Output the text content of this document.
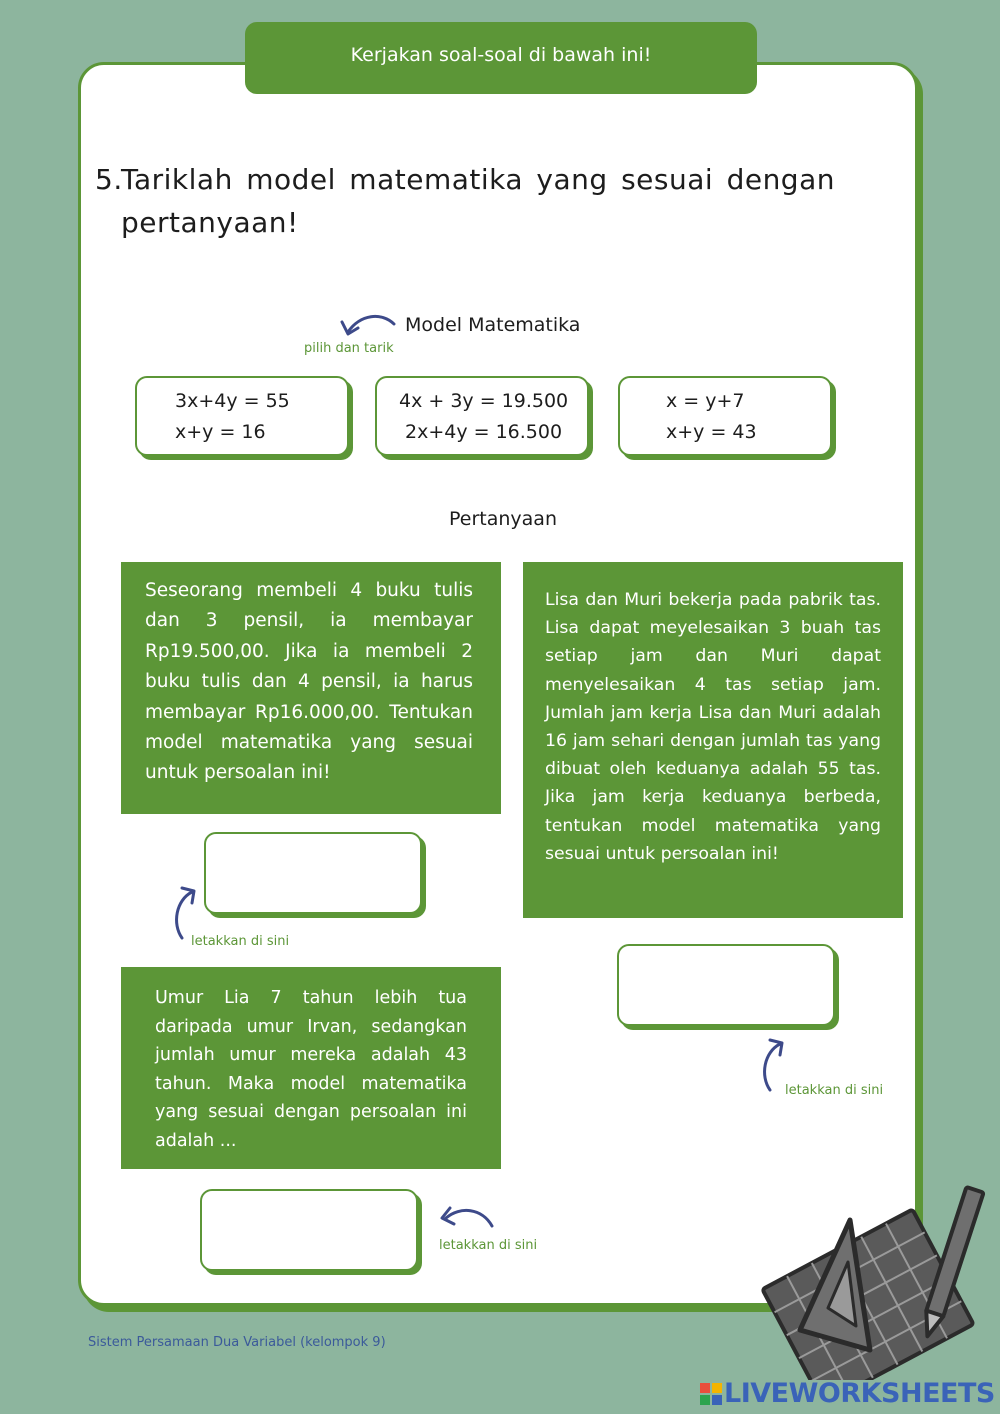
Kerjakan soal-soal di bawah ini!
5.
Tariklah model matematika yang sesuai dengan pertanyaan!
Model Matematika
pilih dan tarik
3x+4y = 55
x+y = 16
4x + 3y = 19.500
2x+4y = 16.500
x = y+7
x+y = 43
Pertanyaan
Seseorang membeli 4 buku tulis dan 3 pensil, ia membayar Rp19.500,00. Jika ia membeli 2 buku tulis dan 4 pensil, ia harus membayar Rp16.000,00. Tentukan model matematika yang sesuai untuk persoalan ini!
letakkan di sini
Lisa dan Muri bekerja pada pabrik tas. Lisa dapat meyelesaikan 3 buah tas setiap jam dan Muri dapat menyelesaikan 4 tas setiap jam. Jumlah jam kerja Lisa dan Muri adalah 16 jam sehari dengan jumlah tas yang dibuat oleh keduanya adalah 55 tas. Jika jam kerja keduanya berbeda, tentukan model matematika yang sesuai untuk persoalan ini!
letakkan di sini
Umur Lia 7 tahun lebih tua daripada umur Irvan, sedangkan jumlah umur mereka adalah 43 tahun. Maka model matematika yang sesuai dengan persoalan ini adalah ...
letakkan di sini
Sistem Persamaan Dua Variabel (kelompok 9)
LIVEWORKSHEETS
